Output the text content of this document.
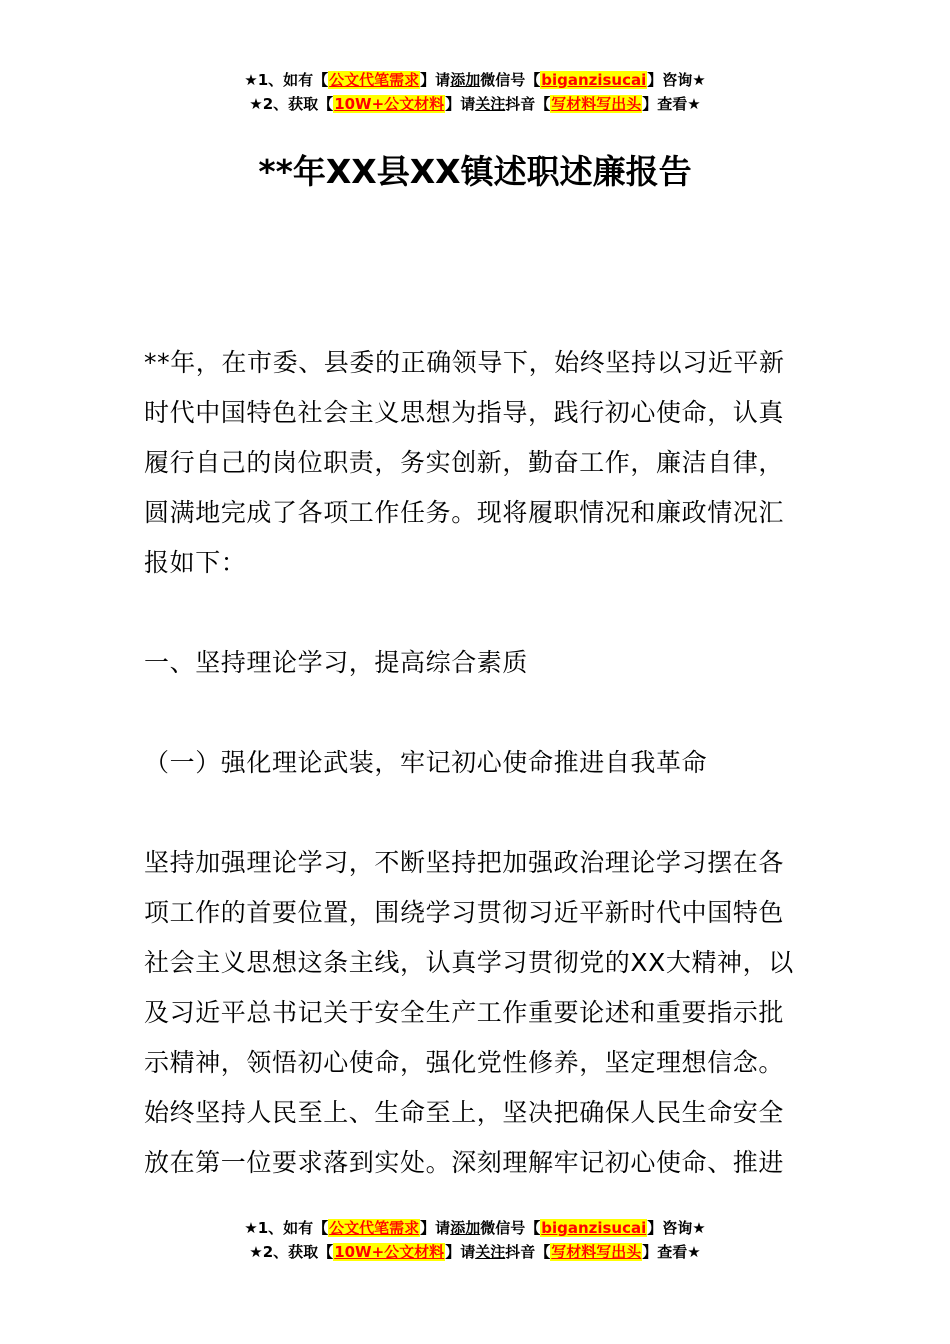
★1、如有【公文代笔需求】请添加微信号【biganzisucai】咨询★
★2、获取【10W+公文材料】请关注抖音【写材料写出头】查看★
**年XX县XX镇述职述廉报告

**年，在市委、县委的正确领导下，始终坚持以习近平新时代中国特色社会主义思想为指导，践行初心使命，认真履行自己的岗位职责，务实创新，勤奋工作，廉洁自律，圆满地完成了各项工作任务。现将履职情况和廉政情况汇报如下：

一、坚持理论学习，提高综合素质

（一）强化理论武装，牢记初心使命推进自我革命

坚持加强理论学习，不断坚持把加强政治理论学习摆在各项工作的首要位置，围绕学习贯彻习近平新时代中国特色社会主义思想这条主线，认真学习贯彻党的XX大精神，以及习近平总书记关于安全生产工作重要论述和重要指示批示精神，领悟初心使命，强化党性修养，坚定理想信念。始终坚持人民至上、生命至上，坚决把确保人民生命安全放在第一位要求落到实处。深刻理解牢记初心使命、推进

★1、如有【公文代笔需求】请添加微信号【biganzisucai】咨询★
★2、获取【10W+公文材料】请关注抖音【写材料写出头】查看★
